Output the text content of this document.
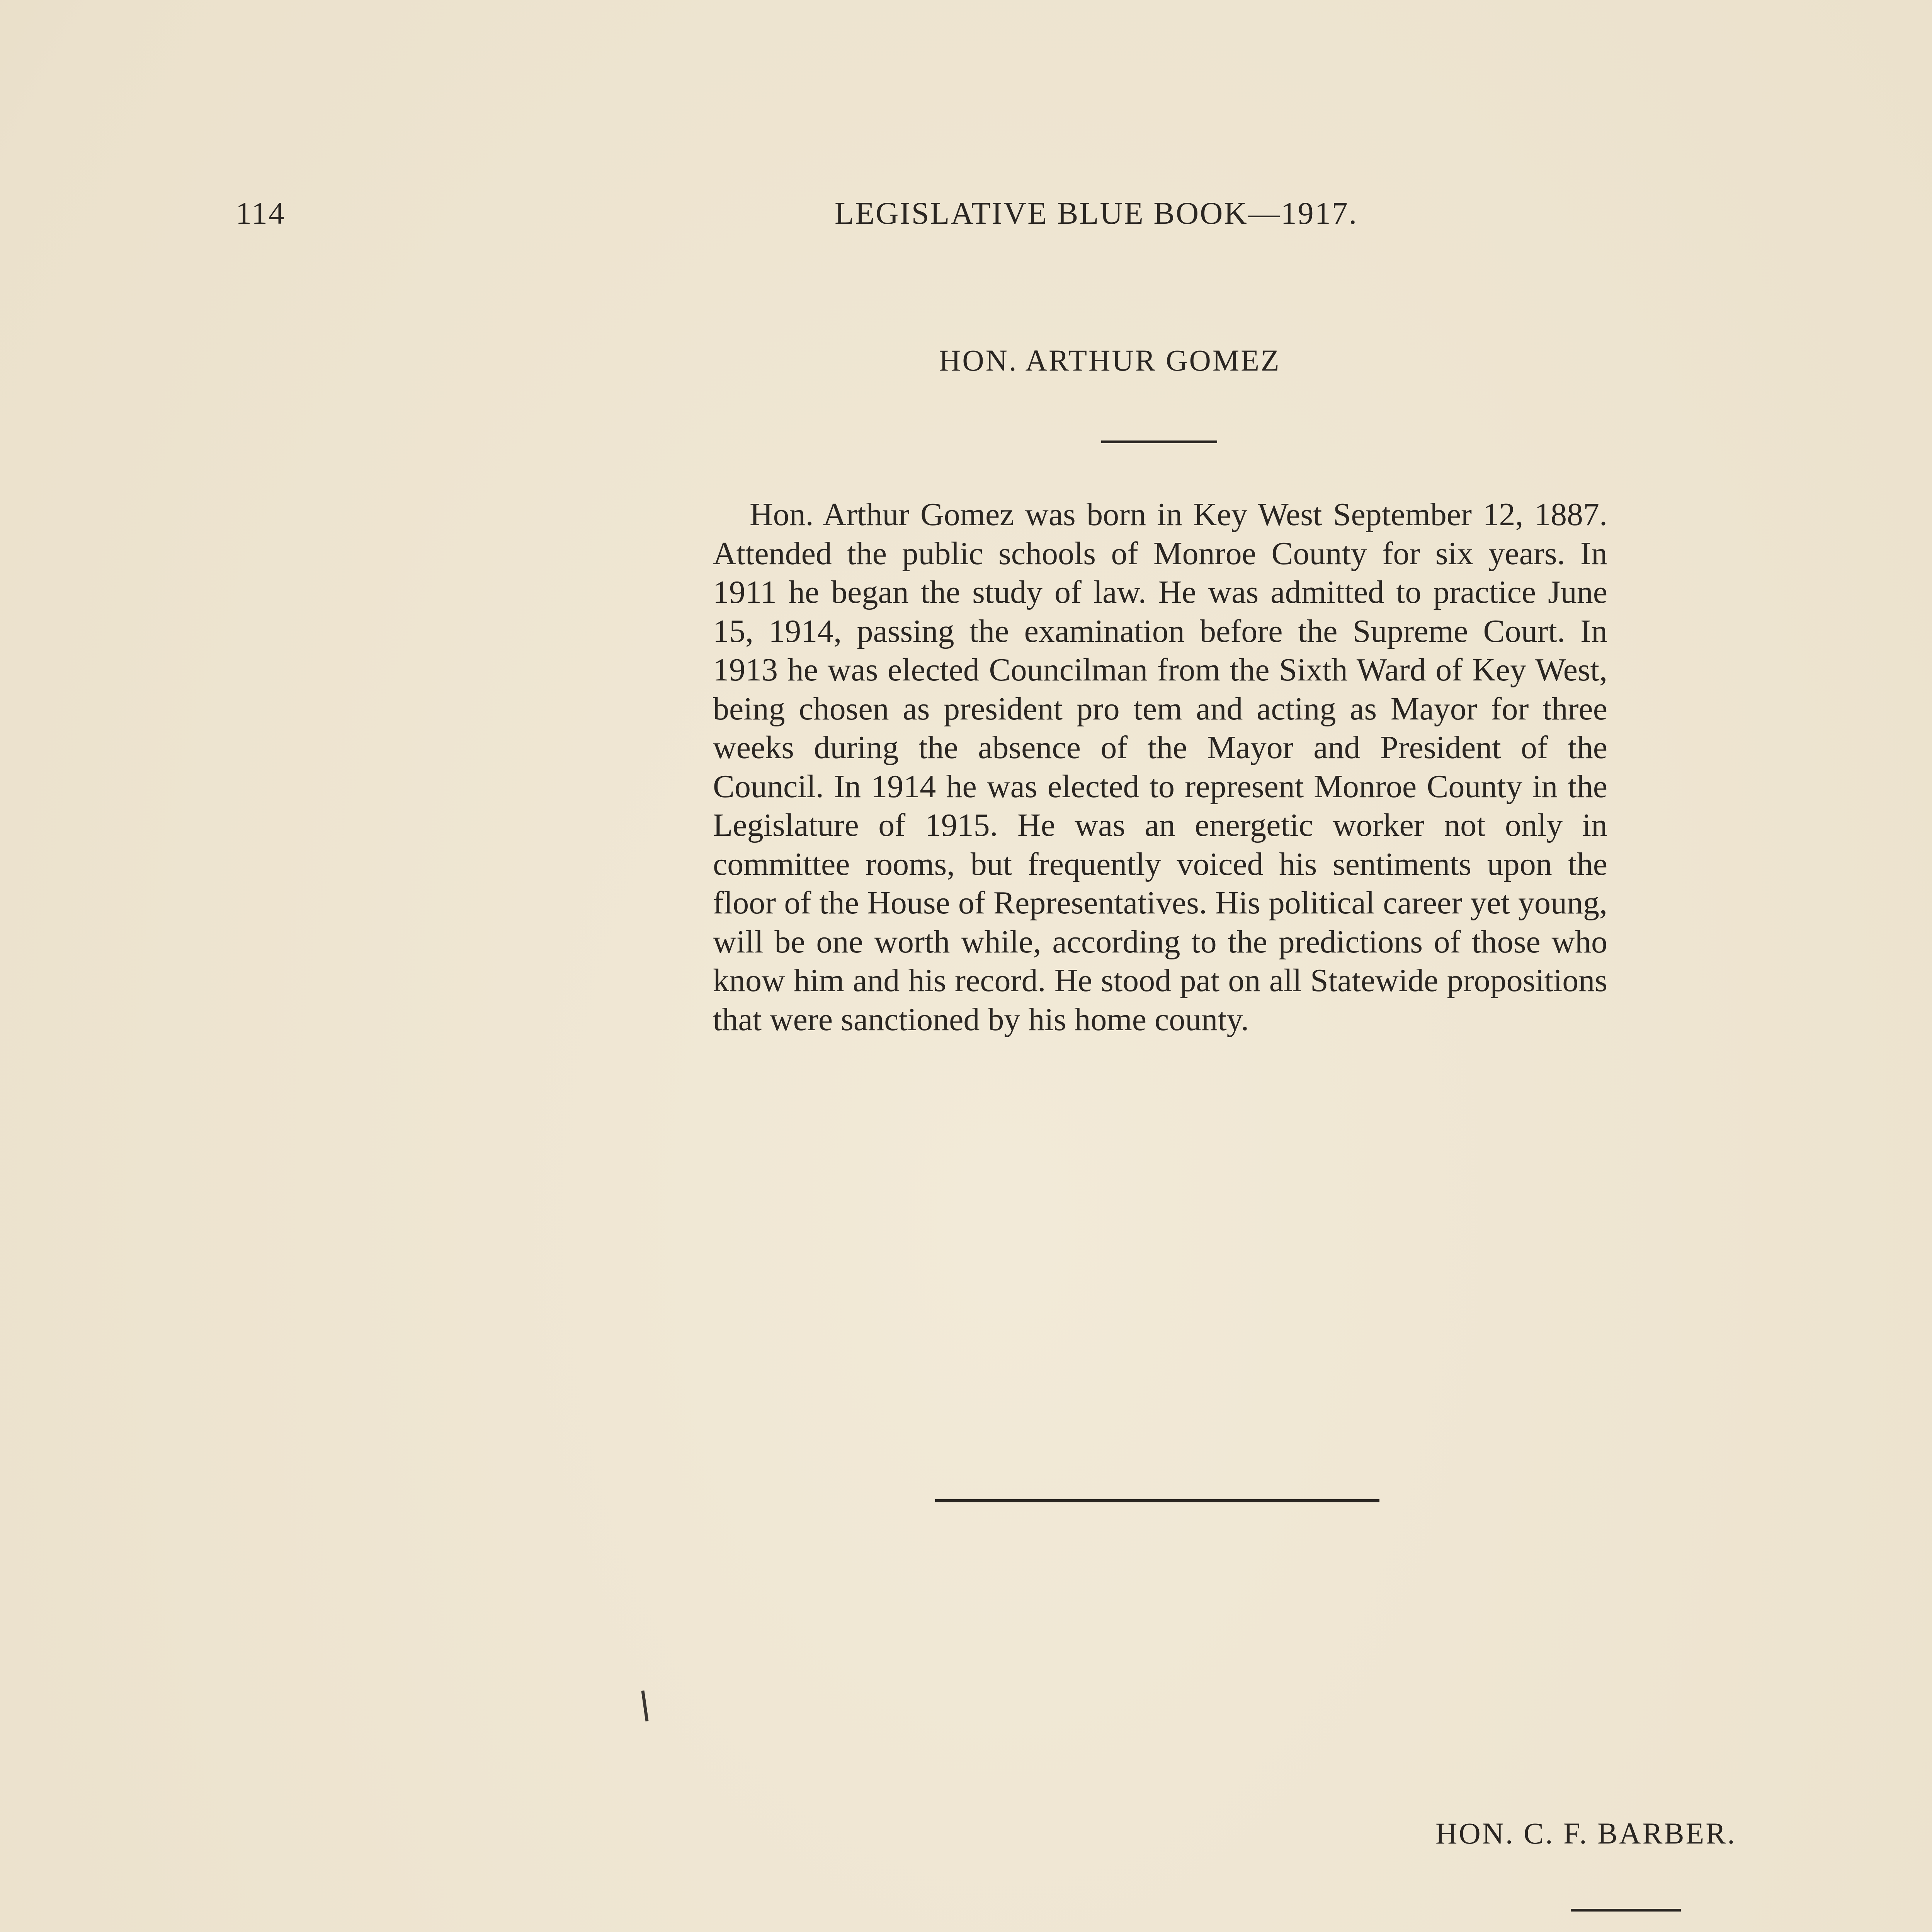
114	LEGISLATIVE BLUE BOOK—1917.
HON. ARTHUR GOMEZ

Hon. Arthur Gomez was born in Key West September 12, 1887. Attended the public schools of Monroe County for six years. In 1911 he began the study of law. He was admitted to practice June 15, 1914, passing the examination before the Supreme Court. In 1913 he was elected Councilman from the Sixth Ward of Key West, being chosen as president pro tem and acting as Mayor for three weeks during the absence of the Mayor and President of the Council. In 1914 he was elected to represent Monroe County in the Legislature of 1915. He was an energetic worker not only in committee rooms, but frequently voiced his sentiments upon the floor of the House of Representatives. His political career yet young, will be one worth while, according to the predictions of those who know him and his record. He stood pat on all Statewide propositions that were sanctioned by his home county.

HON. C. F. BARBER.
